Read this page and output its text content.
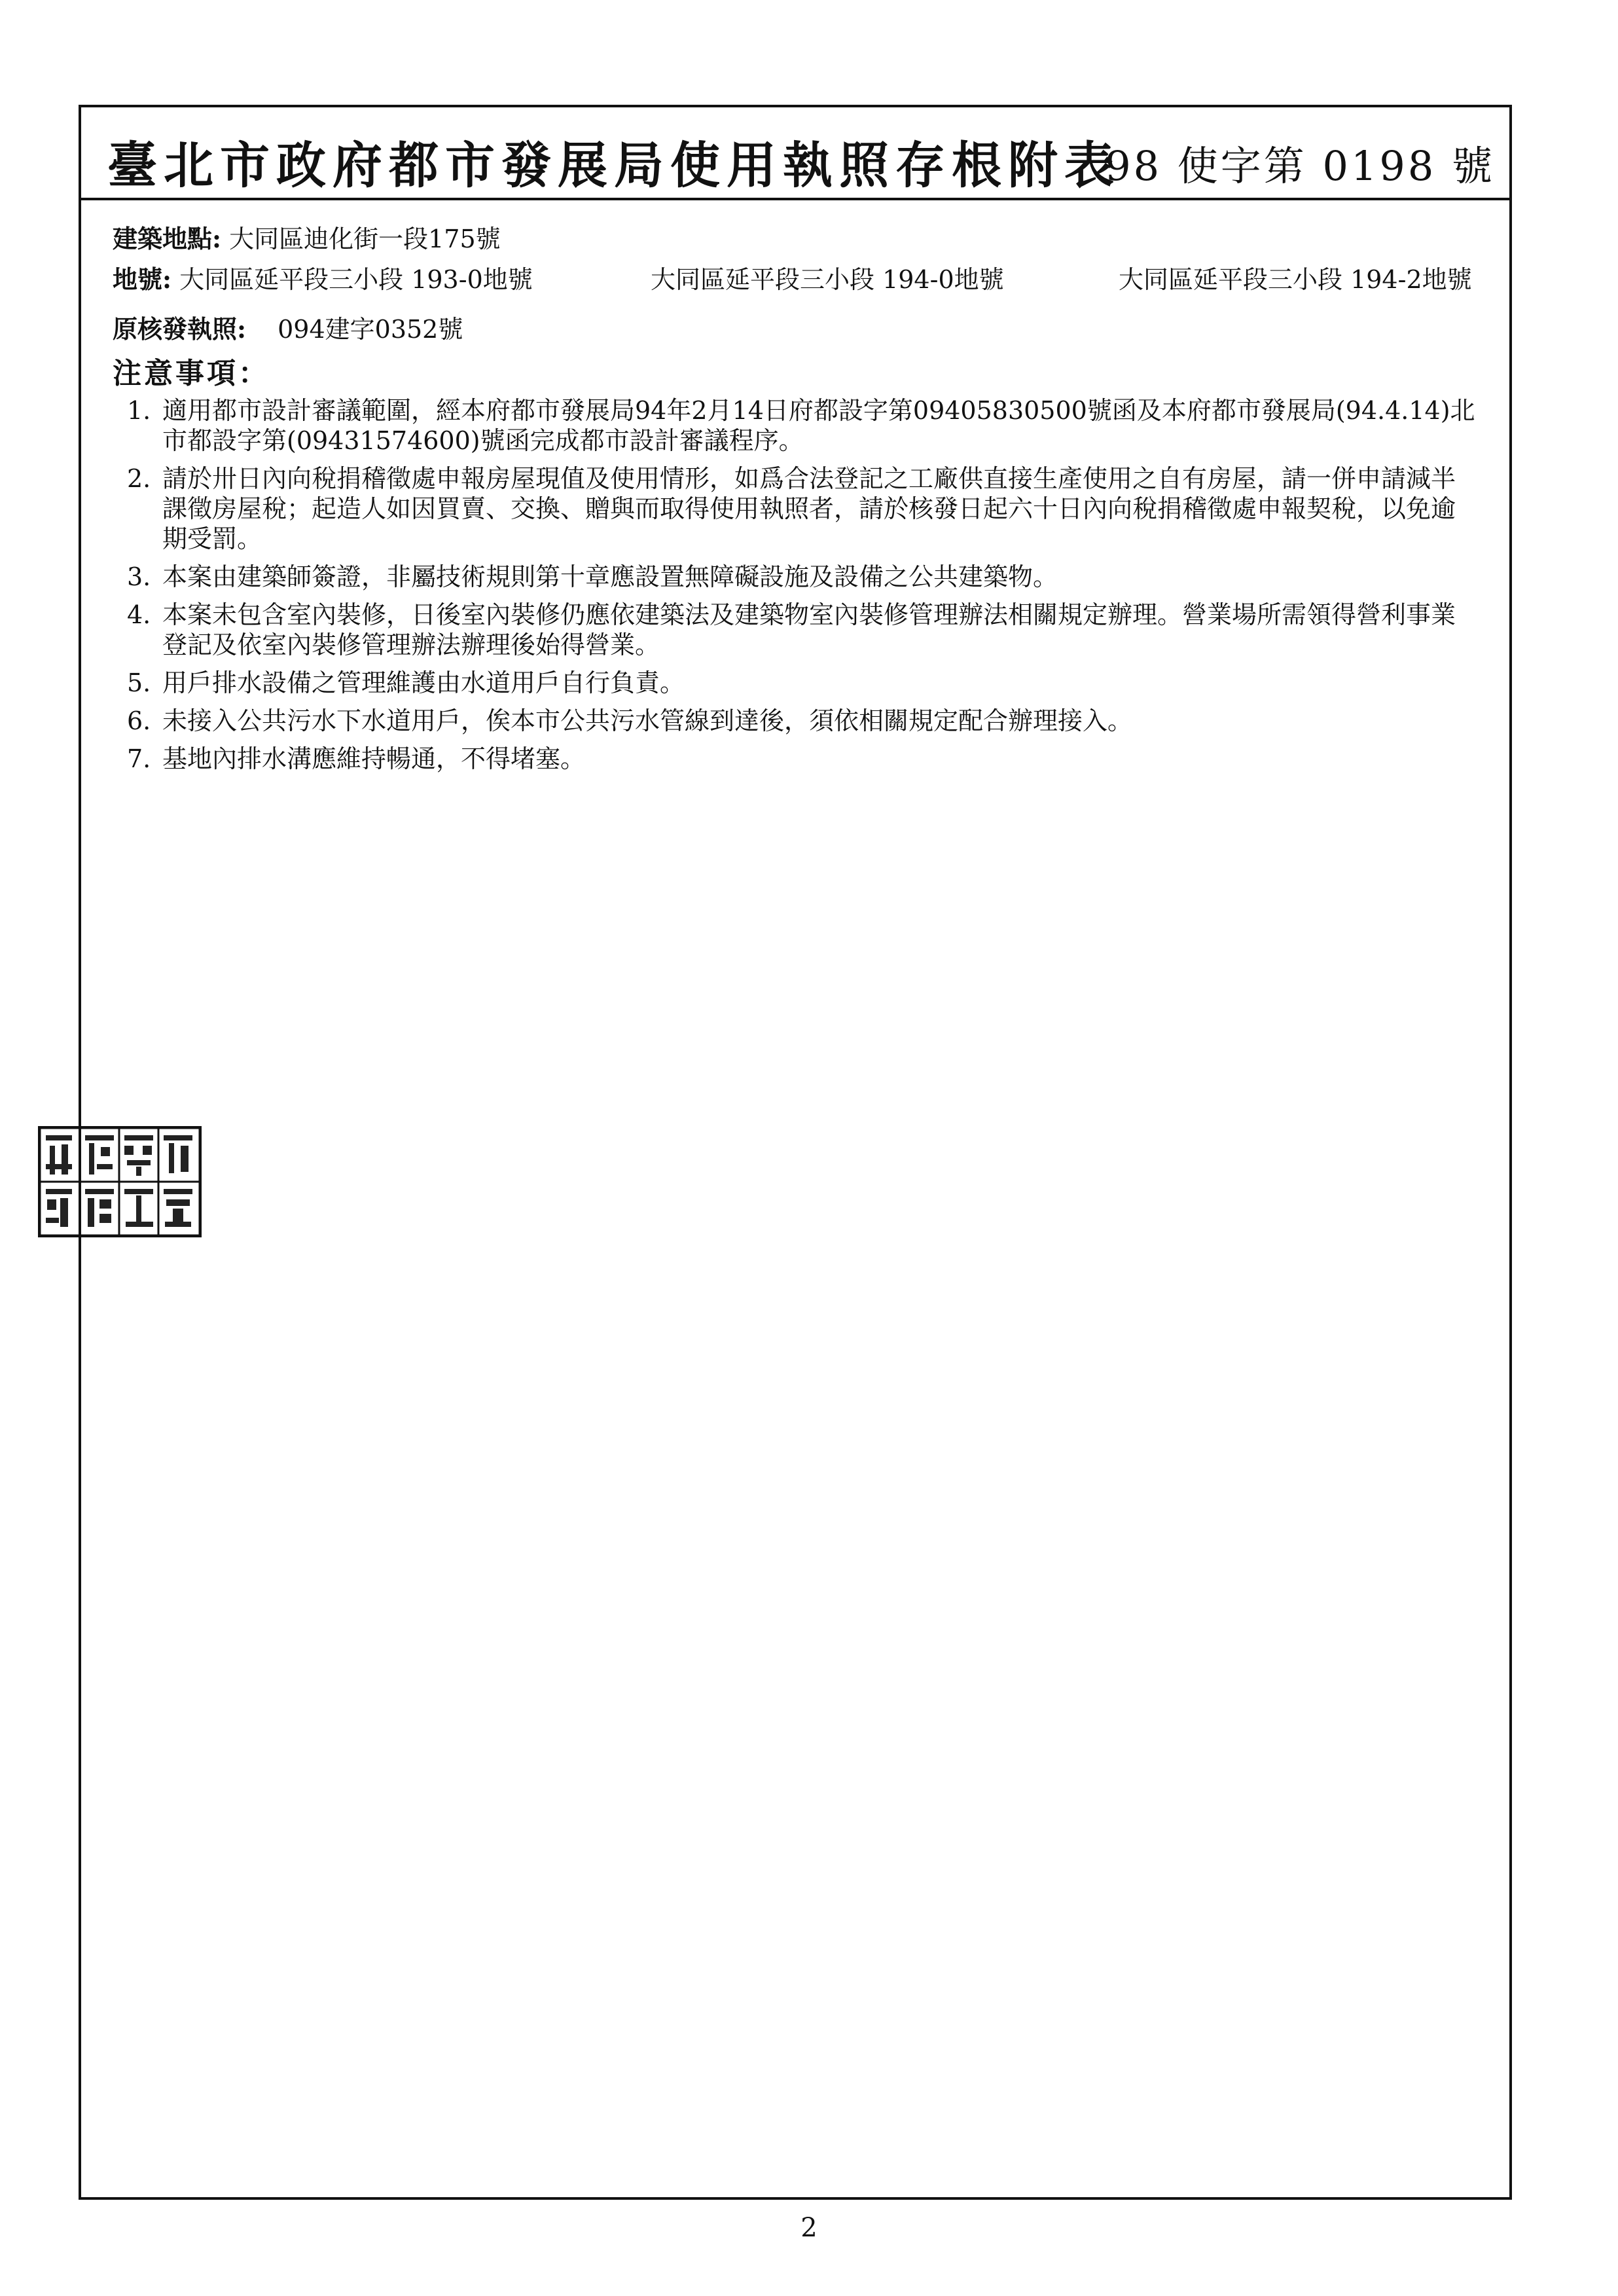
臺北市政府都市發展局使用執照存根附表
98 使字第 0198 號
建築地點: 大同區迪化街一段175號
地號: 大同區延平段三小段 193-0地號	大同區延平段三小段 194-0地號	大同區延平段三小段 194-2地號
原核發執照: 094建字0352號
注意事項：
1. 適用都市設計審議範圍，經本府都市發展局94年2月14日府都設字第09405830500號函及本府都市發展局(94.4.14)北市都設字第(09431574600)號函完成都市設計審議程序。
2. 請於卅日內向稅捐稽徵處申報房屋現值及使用情形，如爲合法登記之工廠供直接生產使用之自有房屋，請一併申請減半課徵房屋稅；起造人如因買賣、交換、贈與而取得使用執照者，請於核發日起六十日內向稅捐稽徵處申報契稅，以免逾期受罰。
3. 本案由建築師簽證，非屬技術規則第十章應設置無障礙設施及設備之公共建築物。
4. 本案未包含室內裝修，日後室內裝修仍應依建築法及建築物室內裝修管理辦法相關規定辦理。營業場所需領得營利事業登記及依室內裝修管理辦法辦理後始得營業。
5. 用戶排水設備之管理維護由水道用戶自行負責。
6. 未接入公共污水下水道用戶，俟本市公共污水管線到達後，須依相關規定配合辦理接入。
7. 基地內排水溝應維持暢通，不得堵塞。
2
